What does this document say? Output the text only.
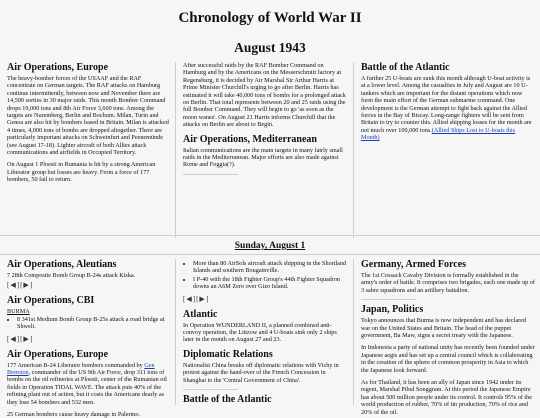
Chronology of World War II
August 1943
Air Operations, Europe

The heavy-bomber forces of the USAAF and the RAF concentrate on German targets. The RAF attacks on Hamburg continue intermittently, between now and November there are 14,500 sorties in 30 major raids. This month Bomber Command drops 19,000 tons and 8th Air Force 3,600 tons. Among the targets are Nuremberg, Berlin and Bochum. Milan, Turin and Genoa are also hit by bombers based in Britain. Milan is attacked 4 times, 4,000 tons of bombs are dropped altogether. There are particularly important attacks on Schweinfurt and Peenemünde (see August 17-18). Lighter aircraft of both Allies attack communications and airfields in Occupied Territory.

On August 1 Ploesti in Rumania is hit by a strong American Liberator group but losses are heavy. From a force of 177 bombers, 50 fail to return.

After successful raids by the RAF Bomber Command on Hamburg and by the Americans on the Messerschmitt factory at Regensburg, it is decided by Air Marshal Sir Arthur Harris at Prime Minister Churchill's urging to go after Berlin. Harris has estimated it will take 40,000 tons of bombs for a prolonged attack on Berlin. That total represents between 20 and 25 raids using the full Bomber Command. They will begin to go 'as soon as the moon wanes'. On August 21 Harris informs Churchill that the attacks on Berlin are about to Begin.

Air Operations, Mediterranean

Italian communications are the main targets in many fairly small raids in the Mediterranean. Major efforts are also made against Rome and Foggia(?).

Battle of the Atlantic

A further 25 U-boats are sunk this month although U-boat activity is at a lower level. Among the casualties in July and August are 10 U-tankers which are important for the distant operations which now form the main effort of the German submarine command. One development is the German attempt to fight back against the Allied forces in the Bay of Biscay. Long-range fighters will be sent from Britain to try to counter this. Allied shipping losses for the month are not much over 100,000 tons.(Allied Ships Lost to U-boats this Month)

Sunday, August 1
Air Operations, Aleutians

7 28th Composite Bomb Group B-24s attack Kiska.

[◀][▶]
Air Operations, CBI
BURMA
• 8 341st Medium Bomb Group B-25s attack a road bridge at Shweli.
[◀][▶]
Air Operations, Europe

177 American B-24 Liberator bombers commanded by Gen Brereton, commander of the US 9th Air Force, drop 311 tons of bombs on the oil refineries at Ploesti, center of the Rumanian oil fields in Operation TIDAL WAVE. The attack puts 40% of the refining plant out of action, but it costs the Americans dearly as they lose 54 bombers and 532 men.

25 German bombers cause heavy damage in Palermo.

• More than 80 AirSols aircraft attack shipping in the Shortland Islands and southern Bougainville.
• I P-40 with the 18th Fighter Group's 44th Fighter Squadron downs an A6M Zero over Gizo Island.
[◀][▶]
Atlantic

In Operation WUNDERLAND II, a planned combined anti-convoy operation, the Lützow and 4 U-boats sink only 2 ships later in the month on August 27 and 23.

Diplomatic Relations

Nationalist China breaks off diplomatic relations with Vichy in protest against the hand-over of the French Concession in Shanghai to the 'Central Government of China'.

Battle of the Atlantic
Germany, Armed Forces

The 1st Cossack Cavalry Division is formally established in the army's order of battle. It comprises two brigades, each one made up of 3 sabre squadrons and an artillery battalion.

Japan, Politics

Tokyo announces that Burma is now independent and has declared war on the United States and Britain. The head of the puppet government, Ba Maw, signs a secret treaty with the Japanese.

In Indonesia a party of national unity has recently been founded under Japanese aegis and has set up a central council which is collaborating in the creation of the sphere of common prosperity in Asia to which the Japanese look forward.

As for Thailand, it has been an ally of Japan since 1942 under its regent, Marshal Pibul Songgram. At this period the Japanese Empire has about 500 million people under its control. It controls 95% of the world production of rubber, 70% of tin production, 70% of rice and 20% of the oil.
